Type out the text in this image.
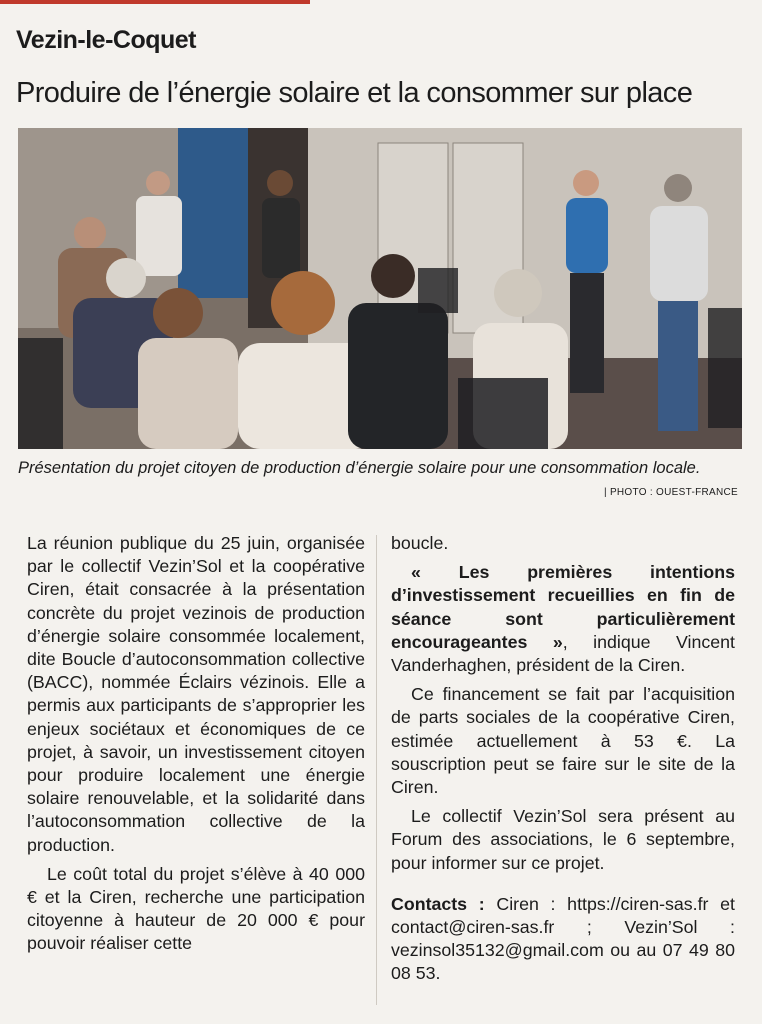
Vezin-le-Coquet
Produire de l’énergie solaire et la consommer sur place
Présentation du projet citoyen de production d’énergie solaire pour une consommation locale.
| PHOTO : OUEST-FRANCE

La réunion publique du 25 juin, organisée par le collectif Vezin’Sol et la coopérative Ciren, était consacrée à la présentation concrète du projet vezinois de production d’énergie solaire consommée localement, dite Boucle d’autoconsommation collective (BACC), nommée Éclairs vézinois. Elle a permis aux participants de s’approprier les enjeux sociétaux et économiques de ce projet, à savoir, un investissement citoyen pour produire localement une énergie solaire renouvelable, et la solidarité dans l’autoconsommation collective de la production.

Le coût total du projet s’élève à 40 000 € et la Ciren, recherche une participation citoyenne à hauteur de 20 000 € pour pouvoir réaliser cette

boucle.

« Les premières intentions d’investissement recueillies en fin de séance sont particulièrement encourageantes », indique Vincent Vanderhaghen, président de la Ciren.

Ce financement se fait par l’acquisition de parts sociales de la coopérative Ciren, estimée actuellement à 53 €. La souscription peut se faire sur le site de la Ciren.

Le collectif Vezin’Sol sera présent au Forum des associations, le 6 septembre, pour informer sur ce projet.

Contacts : Ciren : https://ciren-sas.fr et contact@ciren-sas.fr ; Vezin’Sol : vezinsol35132@gmail.com ou au 07 49 80 08 53.
